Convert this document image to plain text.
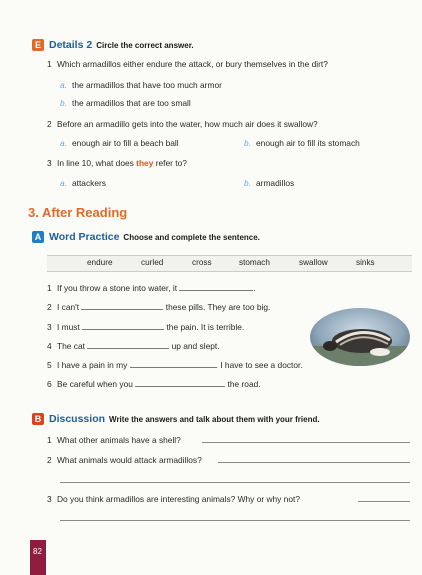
E Details 2 Circle the correct answer.
1 Which armadillos either endure the attack, or bury themselves in the dirt?
a. the armadillos that have too much armor
b. the armadillos that are too small
2 Before an armadillo gets into the water, how much air does it swallow?
a. enough air to fill a beach ball	b. enough air to fill its stomach
3 In line 10, what does they refer to?
a. attackers	b. armadillos
3. After Reading
A Word Practice Choose and complete the sentence.
endure	curled	cross	stomach	swallow	sinks
1 If you throw a stone into water, it	.
2 I can't	these pills. They are too big.
3 I must	the pain. It is terrible.
4 The cat	up and slept.
5 I have a pain in my	. I have to see a doctor.
6 Be careful when you	the road.
B Discussion Write the answers and talk about them with your friend.
1 What other animals have a shell?
2 What animals would attack armadillos?
3 Do you think armadillos are interesting animals? Why or why not?
82
